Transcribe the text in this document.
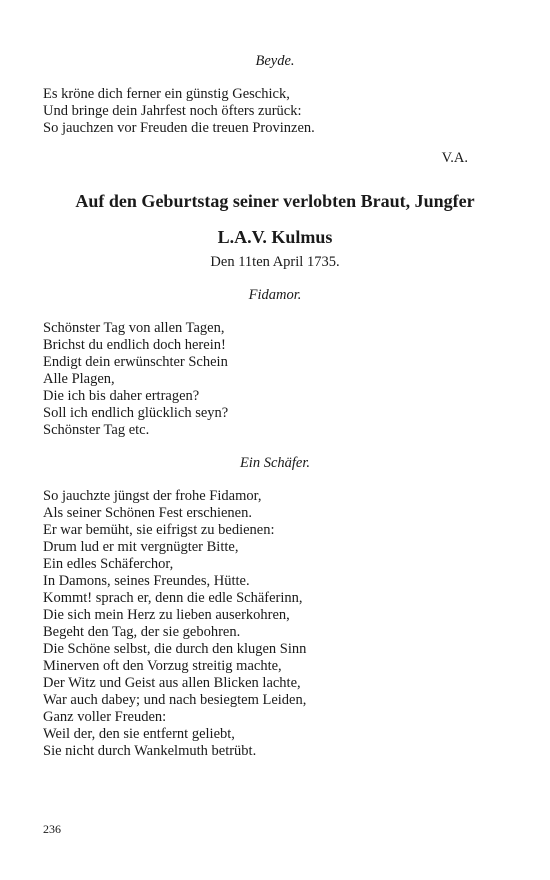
Beyde.

Es kröne dich ferner ein günstig Geschick,
Und bringe dein Jahrfest noch öfters zurück:
So jauchzen vor Freuden die treuen Provinzen.

V.A.

Auf den Geburtstag seiner verlobten Braut, Jungfer
L.A.V. Kulmus

Den 11ten April 1735.

Fidamor.

Schönster Tag von allen Tagen,
Brichst du endlich doch herein!
Endigt dein erwünschter Schein
Alle Plagen,
Die ich bis daher ertragen?
Soll ich endlich glücklich seyn?
Schönster Tag etc.

Ein Schäfer.

So jauchzte jüngst der frohe Fidamor,
Als seiner Schönen Fest erschienen.
Er war bemüht, sie eifrigst zu bedienen:
Drum lud er mit vergnügter Bitte,
Ein edles Schäferchor,
In Damons, seines Freundes, Hütte.
Kommt! sprach er, denn die edle Schäferinn,
Die sich mein Herz zu lieben auserkohren,
Begeht den Tag, der sie gebohren.
Die Schöne selbst, die durch den klugen Sinn
Minerven oft den Vorzug streitig machte,
Der Witz und Geist aus allen Blicken lachte,
War auch dabey; und nach besiegtem Leiden,
Ganz voller Freuden:
Weil der, den sie entfernt geliebt,
Sie nicht durch Wankelmuth betrübt.

236
